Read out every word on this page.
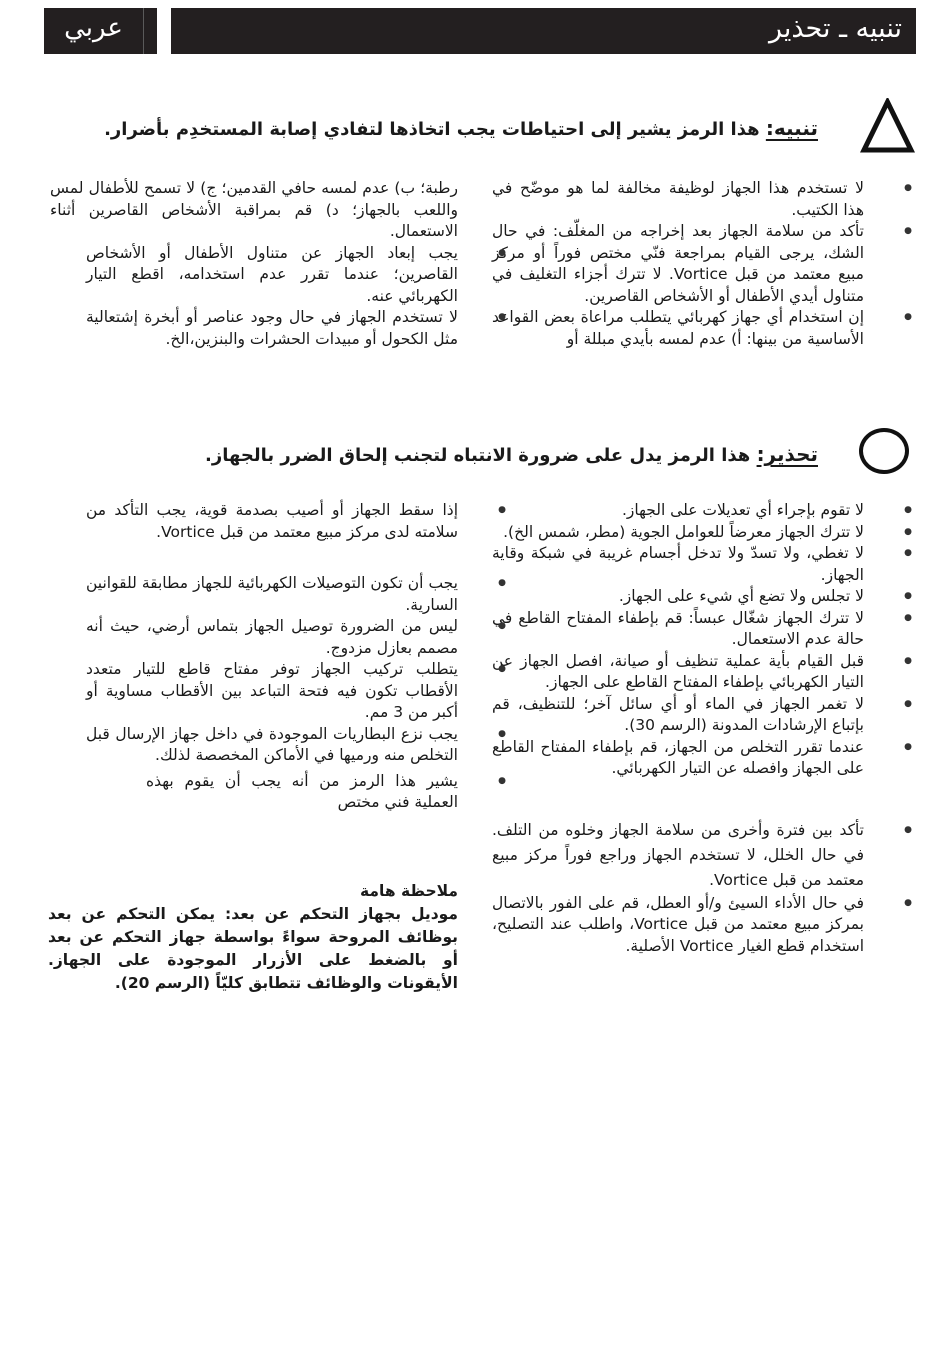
عربي	تنبيه ـ تحذير
تنبيه: هذا الرمز يشير إلى احتياطات يجب اتخاذها لتفادي إصابة المستخدِم بأضرار.
● لا تستخدم هذا الجهاز لوظيفة مخالفة لما هو موضّح في هذا الكتيب.
● تأكد من سلامة الجهاز بعد إخراجه من المغلّف: في حال الشك، يرجى القيام بمراجعة فنّي مختص فوراً أو مركز مبيع معتمد من قبل Vortice. لا تترك أجزاء التغليف في متناول أيدي الأطفال أو الأشخاص القاصرين.
● إن استخدام أي جهاز كهربائي يتطلب مراعاة بعض القواعد الأساسية من بينها: أ) عدم لمسه بأيدي مبللة أو
رطبة؛ ب) عدم لمسه حافي القدمين؛ ج) لا تسمح للأطفال لمس واللعب بالجهاز؛ د) قم بمراقبة الأشخاص القاصرين أثناء الاستعمال.
● يجب إبعاد الجهاز عن متناول الأطفال أو الأشخاص القاصرين؛ عندما تقرر عدم استخدامه، اقطع التيار الكهربائي عنه.
● لا تستخدم الجهاز في حال وجود عناصر أو أبخرة إشتعالية مثل الكحول أو مبيدات الحشرات والبنزين،الخ.
تحذير: هذا الرمز يدل على ضرورة الانتباه لتجنب إلحاق الضرر بالجهاز.
● لا تقوم بإجراء أي تعديلات على الجهاز.
● لا تترك الجهاز معرضاً للعوامل الجوية (مطر، شمس الخ).
● لا تغطي، ولا تسدّ ولا تدخل أجسام غريبة في شبكة وقاية الجهاز.
● لا تجلس ولا تضع أي شيء على الجهاز.
● لا تترك الجهاز شغّال عبساً: قم بإطفاء المفتاح القاطع في حالة عدم الاستعمال.
● قبل القيام بأية عملية تنظيف أو صيانة، افصل الجهاز عن التيار الكهربائي بإطفاء المفتاح القاطع على الجهاز.
● لا تغمر الجهاز في الماء أو أي سائل آخر؛ للتنظيف، قم بإتباع الإرشادات المدونة (الرسم 30).
● عندما تقرر التخلص من الجهاز، قم بإطفاء المفتاح القاطع على الجهاز وافصله عن التيار الكهربائي.
● تأكد بين فترة وأخرى من سلامة الجهاز وخلوه من التلف. في حال الخلل، لا تستخدم الجهاز وراجع فوراً مركز مبيع معتمد من قبل Vortice.
● في حال الأداء السيئ و/أو العطل، قم على الفور بالاتصال بمركز مبيع معتمد من قبل Vortice، واطلب عند التصليح، استخدام قطع الغيار Vortice الأصلية.
● إذا سقط الجهاز أو أصيب بصدمة قوية، يجب التأكد من سلامته لدى مركز مبيع معتمد من قبل Vortice.
● يجب أن تكون التوصيلات الكهربائية للجهاز مطابقة للقوانين السارية.
● ليس من الضرورة توصيل الجهاز بتماس أرضي، حيث أنه مصمم بعازل مزدوج.
● يتطلب تركيب الجهاز توفر مفتاح قاطع للتيار متعدد الأقطاب تكون فيه فتحة التباعد بين الأقطاب مساوية أو أكبر من 3 مم.
● يجب نزع البطاريات الموجودة في داخل جهاز الإرسال قبل التخلص منه ورميها في الأماكن المخصصة لذلك.
● يشير هذا الرمز من أنه يجب أن يقوم بهذه العملية فني مختص
ملاحظة هامة
موديل بجهاز التحكم عن بعد: يمكن التحكم عن بعد بوظائف المروحة سواءً بواسطة جهاز التحكم عن بعد أو بالضغط على الأزرار الموجودة على الجهاز. الأيقونات والوظائف تتطابق كليّاً (الرسم 20).
